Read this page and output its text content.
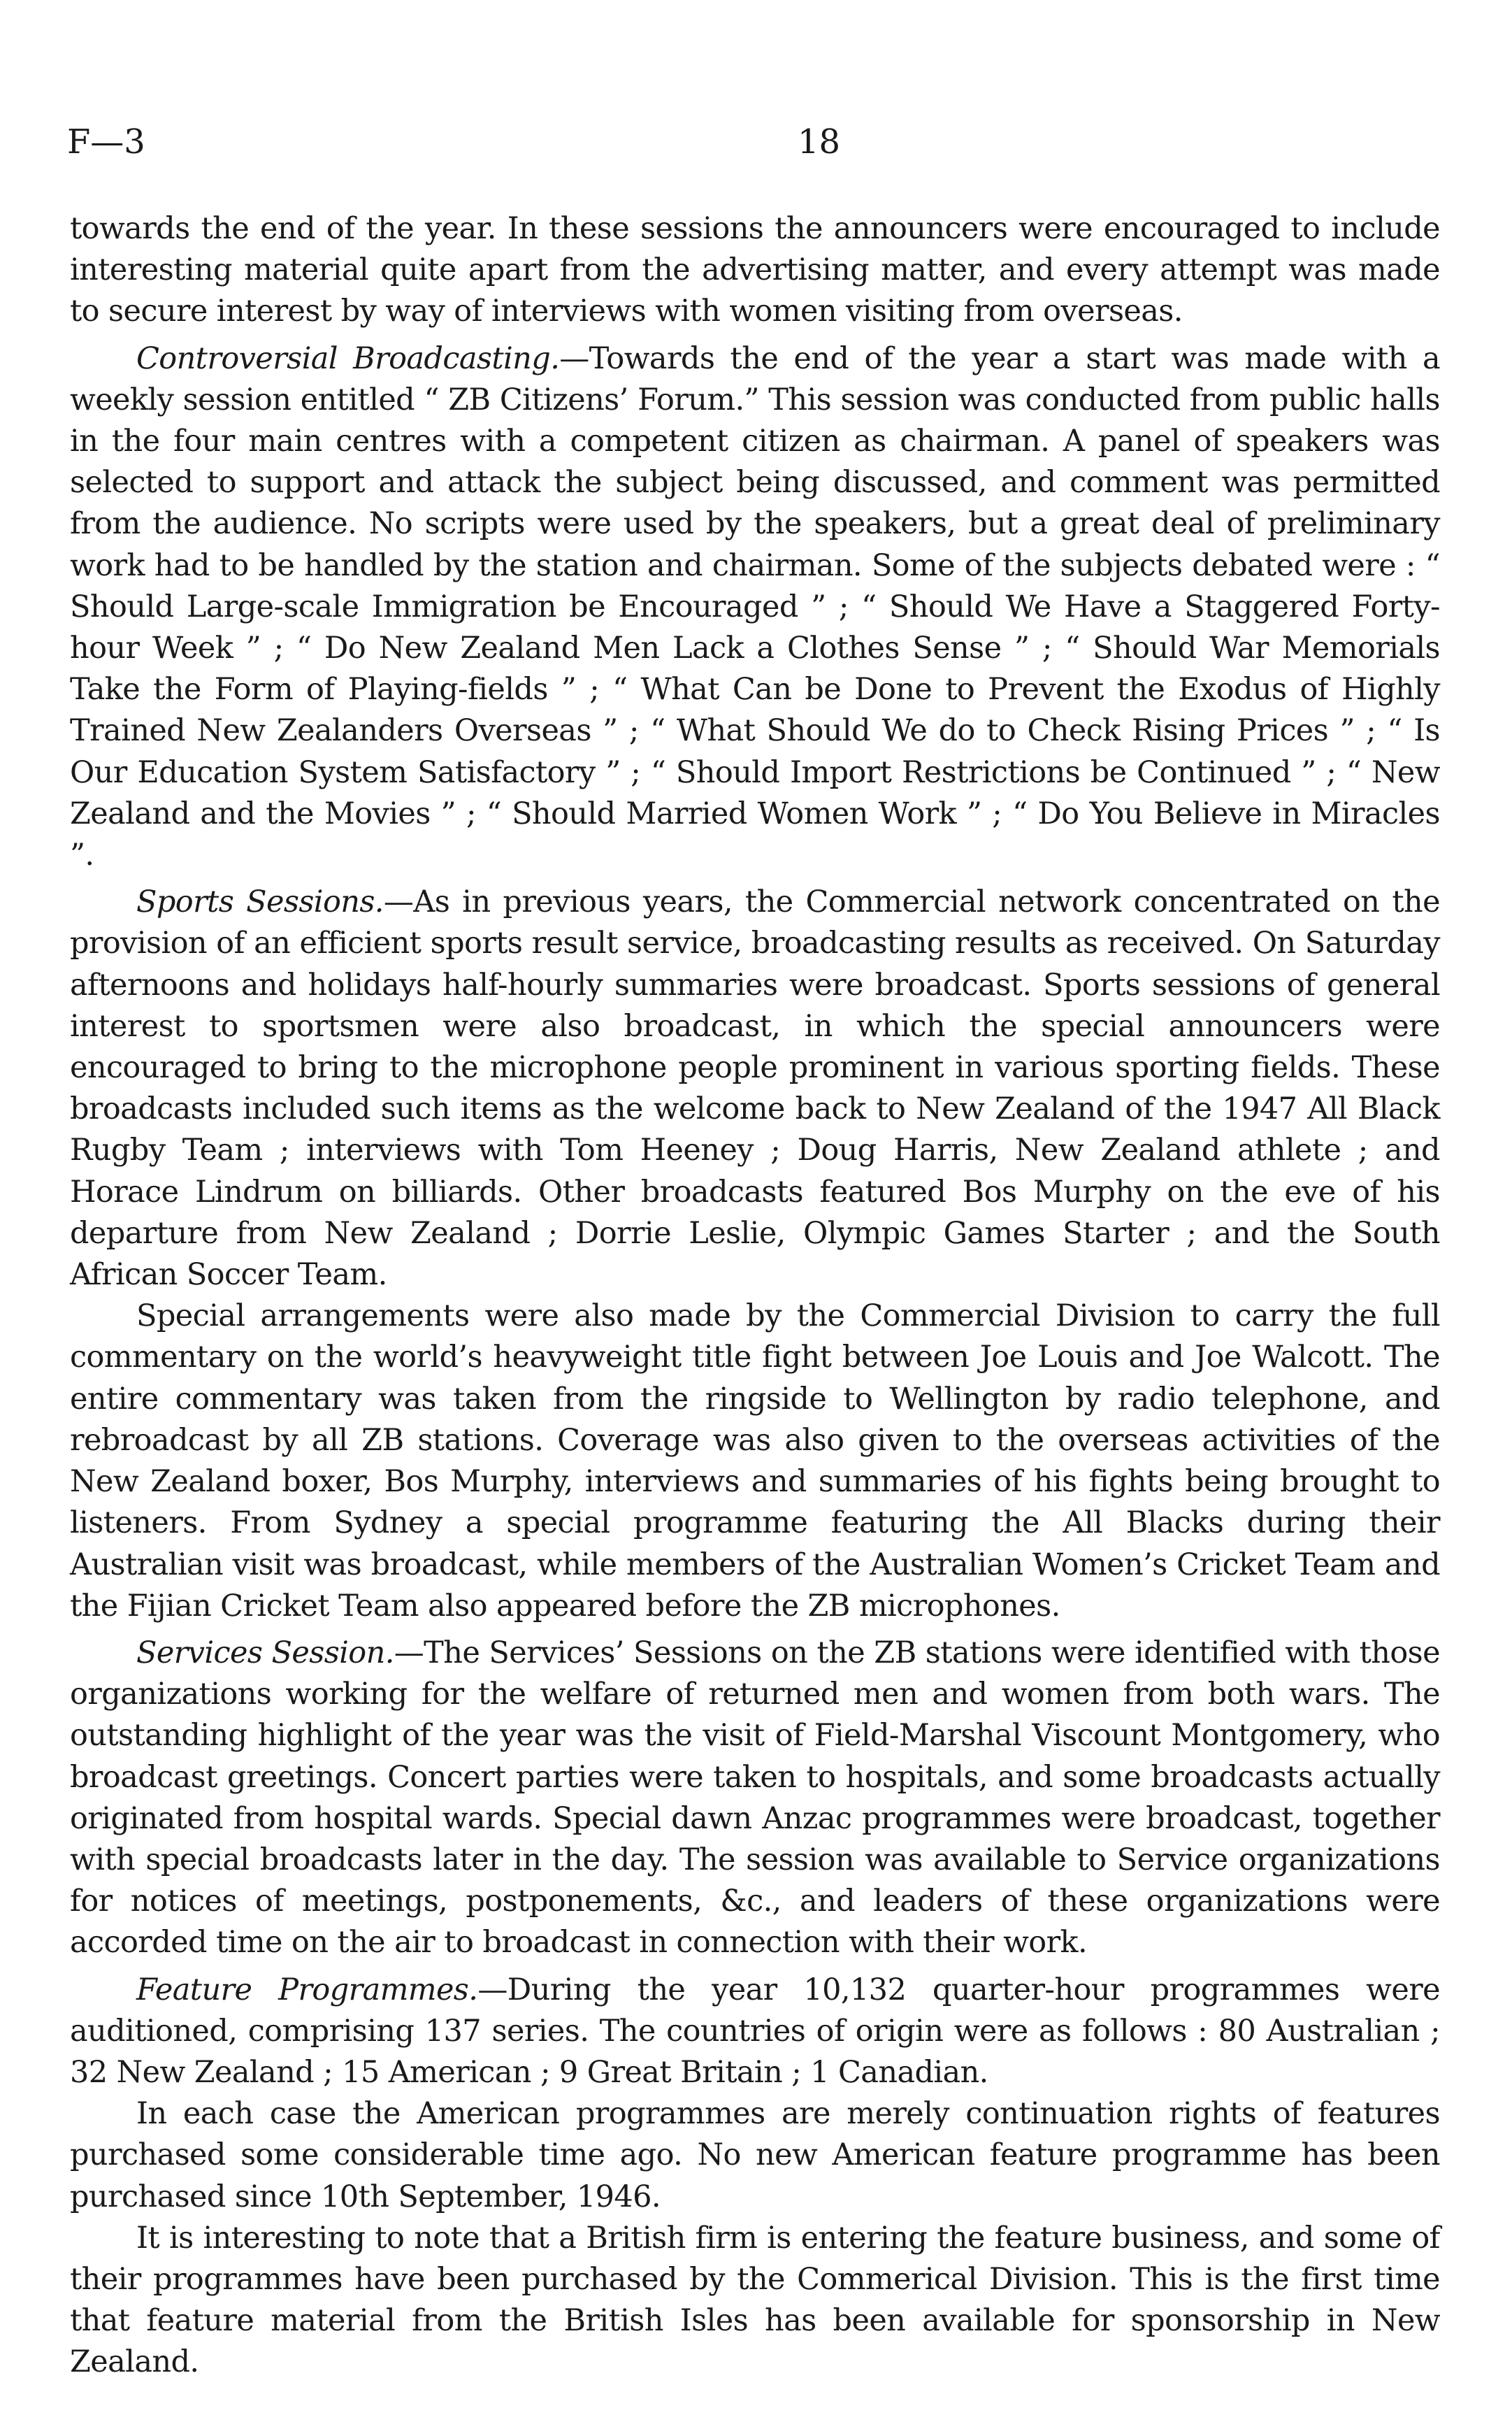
F—3	18

towards the end of the year. In these sessions the announcers were encouraged to include interesting material quite apart from the advertising matter, and every attempt was made to secure interest by way of interviews with women visiting from overseas.

Controversial Broadcasting.—Towards the end of the year a start was made with a weekly session entitled “ ZB Citizens’ Forum.” This session was conducted from public halls in the four main centres with a competent citizen as chairman. A panel of speakers was selected to support and attack the subject being discussed, and comment was permitted from the audience. No scripts were used by the speakers, but a great deal of preliminary work had to be handled by the station and chairman. Some of the subjects debated were : “ Should Large-scale Immigration be Encouraged ” ; “ Should We Have a Staggered Forty-hour Week ” ; “ Do New Zealand Men Lack a Clothes Sense ” ; “ Should War Memorials Take the Form of Playing-fields ” ; “ What Can be Done to Prevent the Exodus of Highly Trained New Zealanders Overseas ” ; “ What Should We do to Check Rising Prices ” ; “ Is Our Education System Satisfactory ” ; “ Should Import Restrictions be Continued ” ; “ New Zealand and the Movies ” ; “ Should Married Women Work ” ; “ Do You Believe in Miracles ”.

Sports Sessions.—As in previous years, the Commercial network concentrated on the provision of an efficient sports result service, broadcasting results as received. On Saturday afternoons and holidays half-hourly summaries were broadcast. Sports sessions of general interest to sportsmen were also broadcast, in which the special announcers were encouraged to bring to the microphone people prominent in various sporting fields. These broadcasts included such items as the welcome back to New Zealand of the 1947 All Black Rugby Team ; interviews with Tom Heeney ; Doug Harris, New Zealand athlete ; and Horace Lindrum on billiards. Other broadcasts featured Bos Murphy on the eve of his departure from New Zealand ; Dorrie Leslie, Olympic Games Starter ; and the South African Soccer Team.

Special arrangements were also made by the Commercial Division to carry the full commentary on the world’s heavyweight title fight between Joe Louis and Joe Walcott. The entire commentary was taken from the ringside to Wellington by radio telephone, and rebroadcast by all ZB stations. Coverage was also given to the overseas activities of the New Zealand boxer, Bos Murphy, interviews and summaries of his fights being brought to listeners. From Sydney a special programme featuring the All Blacks during their Australian visit was broadcast, while members of the Australian Women’s Cricket Team and the Fijian Cricket Team also appeared before the ZB microphones.

Services Session.—The Services’ Sessions on the ZB stations were identified with those organizations working for the welfare of returned men and women from both wars. The outstanding highlight of the year was the visit of Field-Marshal Viscount Montgomery, who broadcast greetings. Concert parties were taken to hospitals, and some broadcasts actually originated from hospital wards. Special dawn Anzac programmes were broadcast, together with special broadcasts later in the day. The session was available to Service organizations for notices of meetings, postponements, &c., and leaders of these organizations were accorded time on the air to broadcast in connection with their work.

Feature Programmes.—During the year 10,132 quarter-hour programmes were auditioned, comprising 137 series. The countries of origin were as follows : 80 Australian ; 32 New Zealand ; 15 American ; 9 Great Britain ; 1 Canadian.

In each case the American programmes are merely continuation rights of features purchased some considerable time ago. No new American feature programme has been purchased since 10th September, 1946.

It is interesting to note that a British firm is entering the feature business, and some of their programmes have been purchased by the Commerical Division. This is the first time that feature material from the British Isles has been available for sponsorship in New Zealand.
